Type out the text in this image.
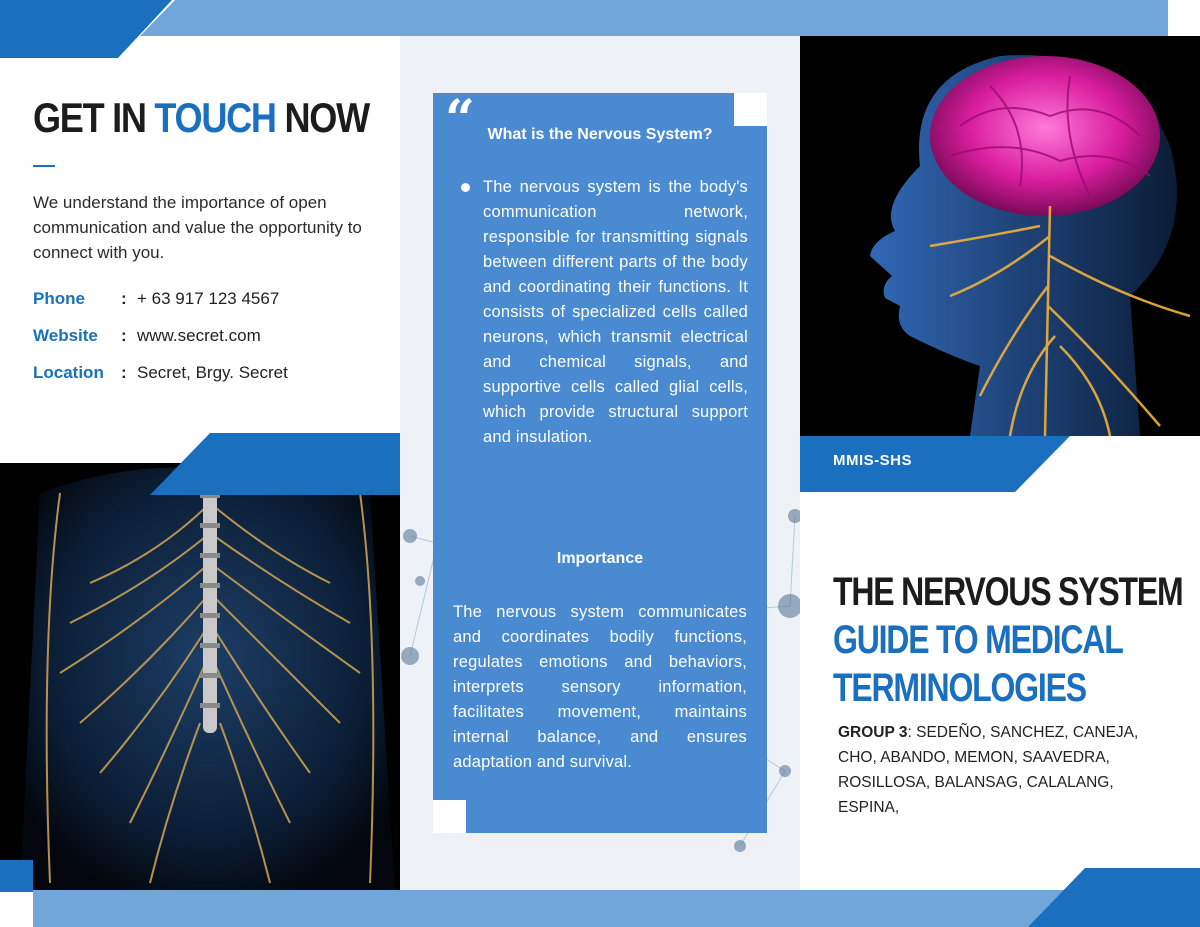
GET IN TOUCH NOW

We understand the importance of open communication and value the opportunity to connect with you.

Phone	: + 63 917 123 4567
Website	: www.secret.com
Location	: Secret, Brgy. Secret
“ What is the Nervous System?

The nervous system is the body's communication network, responsible for transmitting signals between different parts of the body and coordinating their functions. It consists of specialized cells called neurons, which transmit electrical and chemical signals, and supportive cells called glial cells, which provide structural support and insulation.

Importance

The nervous system communicates and coordinates bodily functions, regulates emotions and behaviors, interprets sensory information, facilitates movement, maintains internal balance, and ensures adaptation and survival.

MMIS-SHS
THE NERVOUS SYSTEM
GUIDE TO MEDICAL
TERMINOLOGIES

GROUP 3: SEDEÑO, SANCHEZ, CANEJA, CHO, ABANDO, MEMON, SAAVEDRA, ROSILLOSA, BALANSAG, CALALANG, ESPINA,
